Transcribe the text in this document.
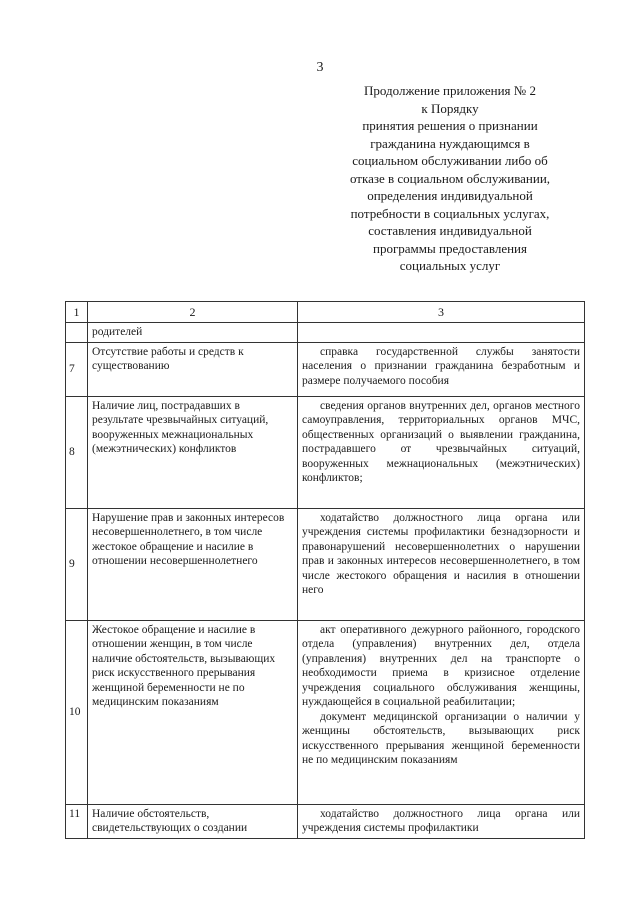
3
Продолжение приложения № 2
к Порядку
принятия решения о признании
гражданина нуждающимся в
социальном обслуживании либо об
отказе в социальном обслуживании,
определения индивидуальной
потребности в социальных услугах,
составления индивидуальной
программы предоставления
социальных услуг
1	2	3
	родителей	
7	Отсутствие работы и средств к существованию	справка государственной службы занятости населения о признании гражданина безработным и размере получаемого пособия

8	Наличие лиц, пострадавших в результате чрезвычайных ситуаций, вооруженных межнациональных (межэтнических) конфликтов	сведения органов внутренних дел, органов местного самоуправления, территориальных органов МЧС, общественных организаций о выявлении гражданина, пострадавшего от чрезвычайных ситуаций, вооруженных межнациональных (межэтнических) конфликтов;

9	Нарушение прав и законных интересов несовершеннолетнего, в том числе жестокое обращение и насилие в отношении несовершеннолетнего	ходатайство должностного лица органа или учреждения системы профилактики безнадзорности и правонарушений несовершеннолетних о нарушении прав и законных интересов несовершеннолетнего, в том числе жестокого обращения и насилия в отношении него

10	Жестокое обращение и насилие в отношении женщин, в том числе наличие обстоятельств, вызывающих риск искусственного прерывания женщиной беременности не по медицинским показаниям	акт оперативного дежурного районного, городского отдела (управления) внутренних дел, отдела (управления) внутренних дел на транспорте о необходимости приема в кризисное отделение учреждения социального обслуживания женщины, нуждающейся в социальной реабилитации;
документ медицинской организации о наличии у женщины обстоятельств, вызывающих риск искусственного прерывания женщиной беременности не по медицинским показаниям

11	Наличие обстоятельств, свидетельствующих о создании	ходатайство должностного лица органа или учреждения системы профилактики
